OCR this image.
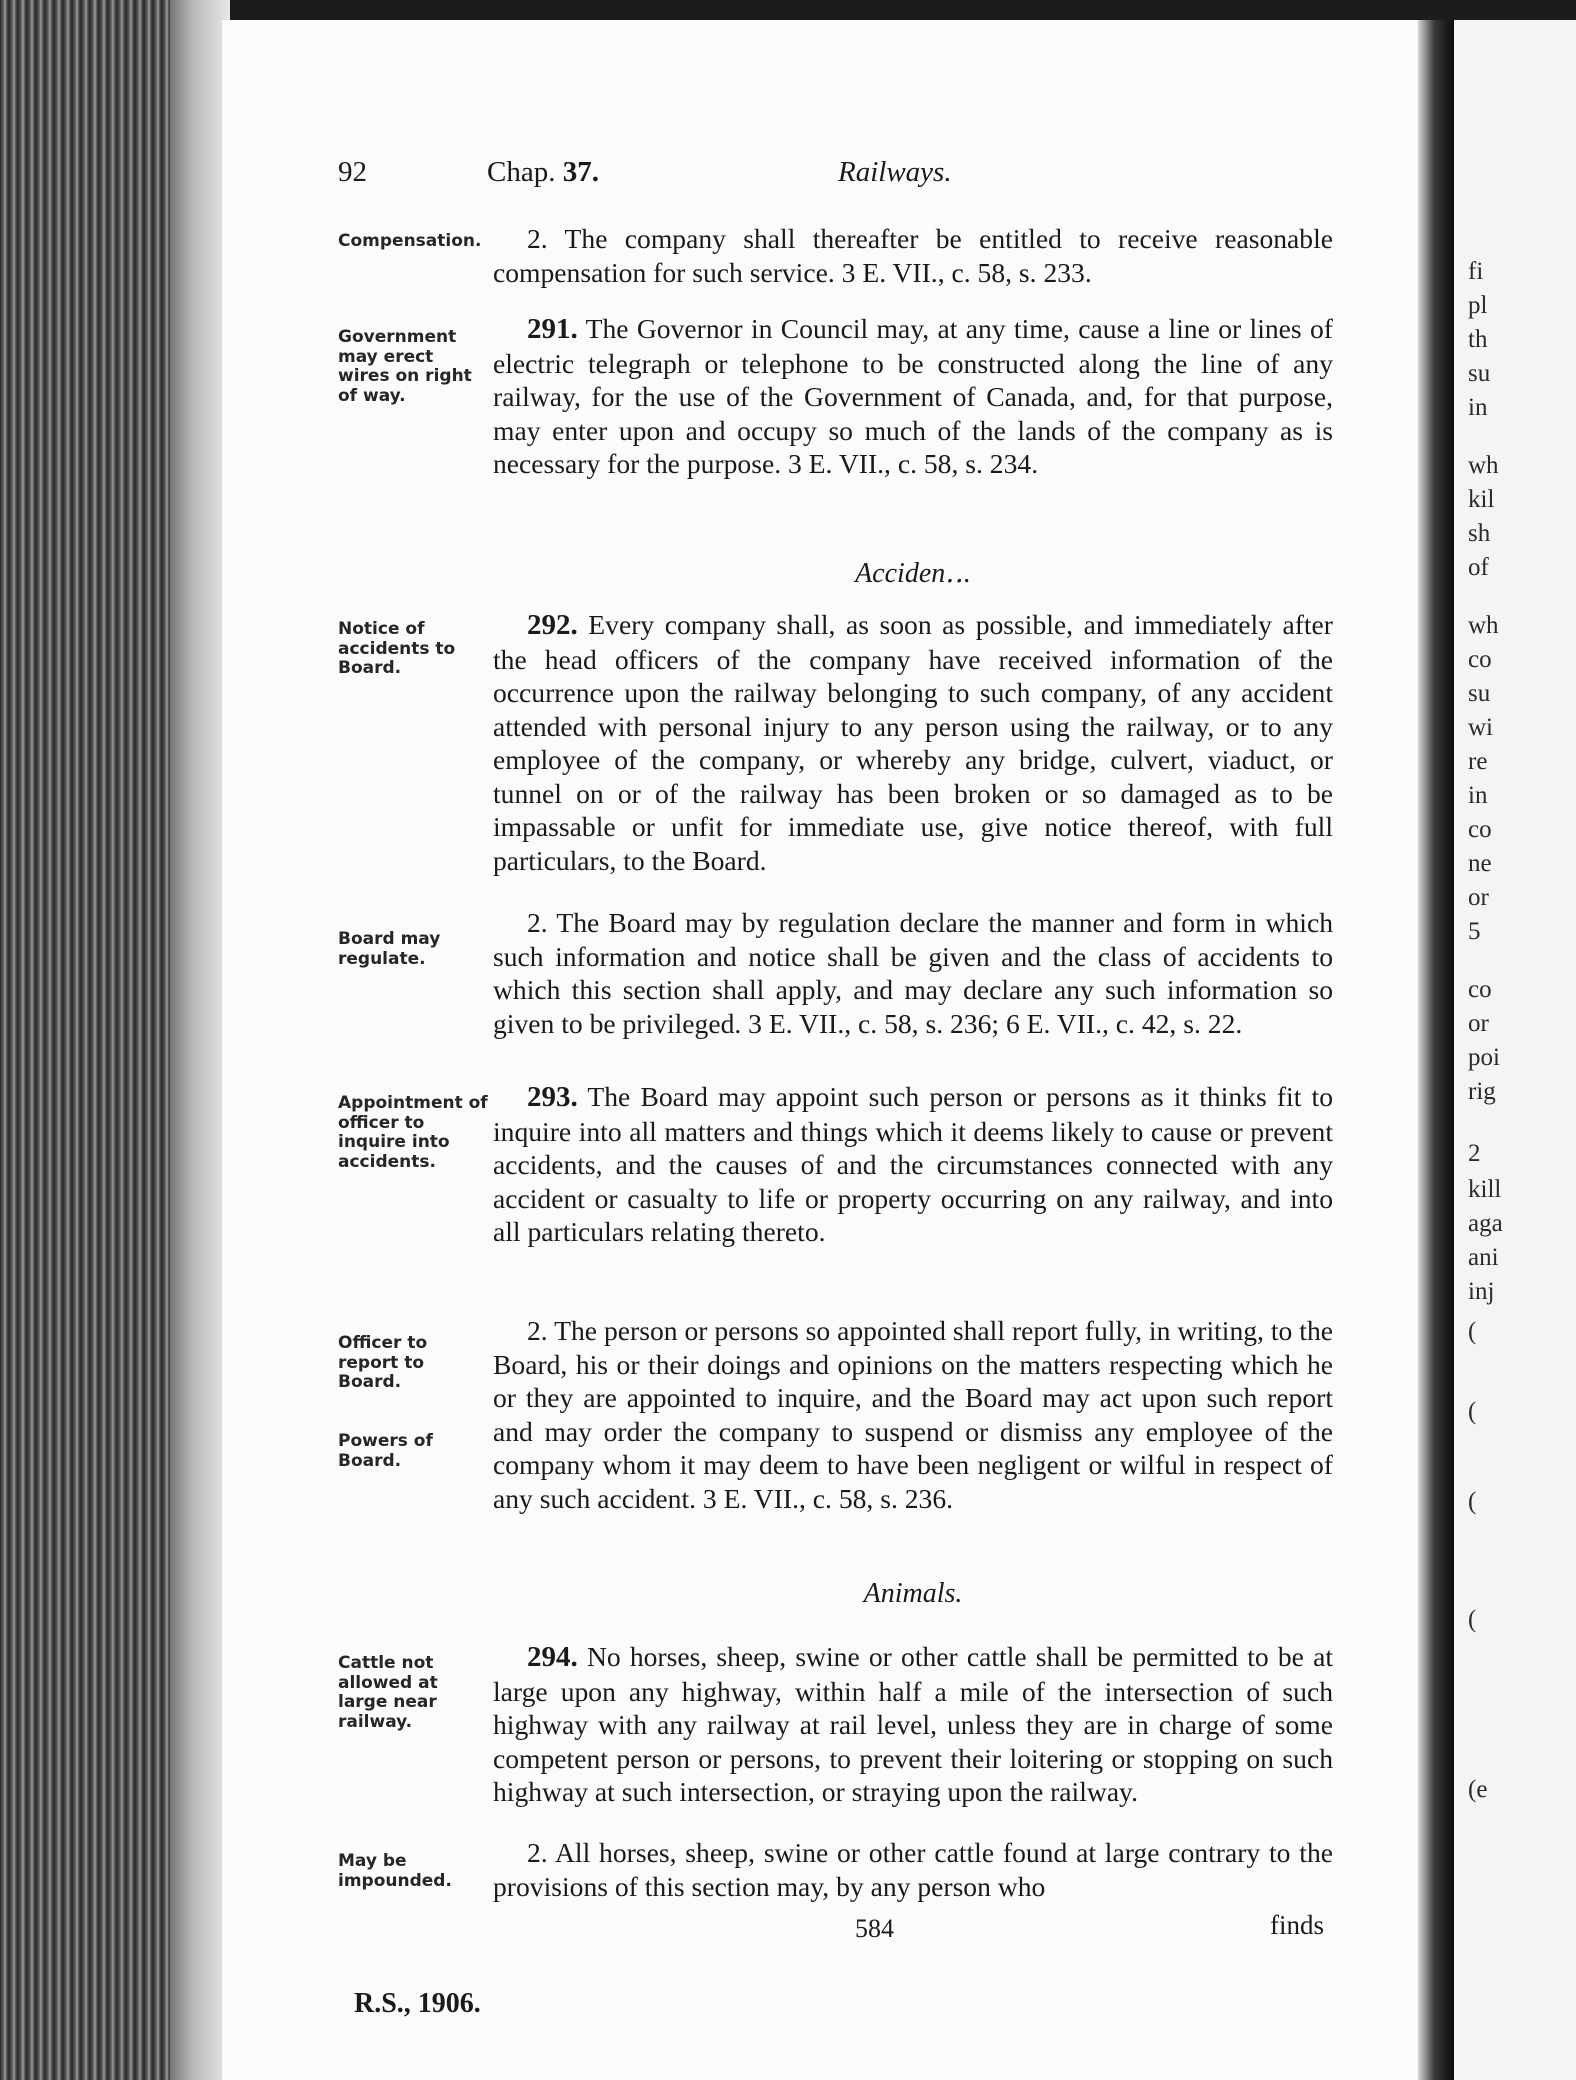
fi
pl
th
su
in
wh
kil
sh
of
wh
co
su
wi
re
in
co
ne
or
5
co
or
poi
rig
2
kill
aga
ani
inj
(
(
(
(
(e
92	Chap. 37.	Railways.
Compensation.
Government may erect wires on right of way.
Notice of accidents to Board.
Board may regulate.
Appointment of officer to inquire into accidents.
Officer to report to Board.
Powers of Board.
Cattle not allowed at large near railway.
May be impounded.
2. The company shall thereafter be entitled to receive reasonable compensation for such service. 3 E. VII., c. 58, s. 233.
291. The Governor in Council may, at any time, cause a line or lines of electric telegraph or telephone to be constructed along the line of any railway, for the use of the Government of Canada, and, for that purpose, may enter upon and occupy so much of the lands of the company as is necessary for the purpose. 3 E. VII., c. 58, s. 234.
Acciden‥.
292. Every company shall, as soon as possible, and immediately after the head officers of the company have received information of the occurrence upon the railway belonging to such company, of any accident attended with personal injury to any person using the railway, or to any employee of the company, or whereby any bridge, culvert, viaduct, or tunnel on or of the railway has been broken or so damaged as to be impassable or unfit for immediate use, give notice thereof, with full particulars, to the Board.
2. The Board may by regulation declare the manner and form in which such information and notice shall be given and the class of accidents to which this section shall apply, and may declare any such information so given to be privileged. 3 E. VII., c. 58, s. 236; 6 E. VII., c. 42, s. 22.
293. The Board may appoint such person or persons as it thinks fit to inquire into all matters and things which it deems likely to cause or prevent accidents, and the causes of and the circumstances connected with any accident or casualty to life or property occurring on any railway, and into all particulars relating thereto.
2. The person or persons so appointed shall report fully, in writing, to the Board, his or their doings and opinions on the matters respecting which he or they are appointed to inquire, and the Board may act upon such report and may order the company to suspend or dismiss any employee of the company whom it may deem to have been negligent or wilful in respect of any such accident. 3 E. VII., c. 58, s. 236.
Animals.
294. No horses, sheep, swine or other cattle shall be permitted to be at large upon any highway, within half a mile of the intersection of such highway with any railway at rail level, unless they are in charge of some competent person or persons, to prevent their loitering or stopping on such highway at such intersection, or straying upon the railway.
2. All horses, sheep, swine or other cattle found at large contrary to the provisions of this section may, by any person who
584	finds
R.S., 1906.
